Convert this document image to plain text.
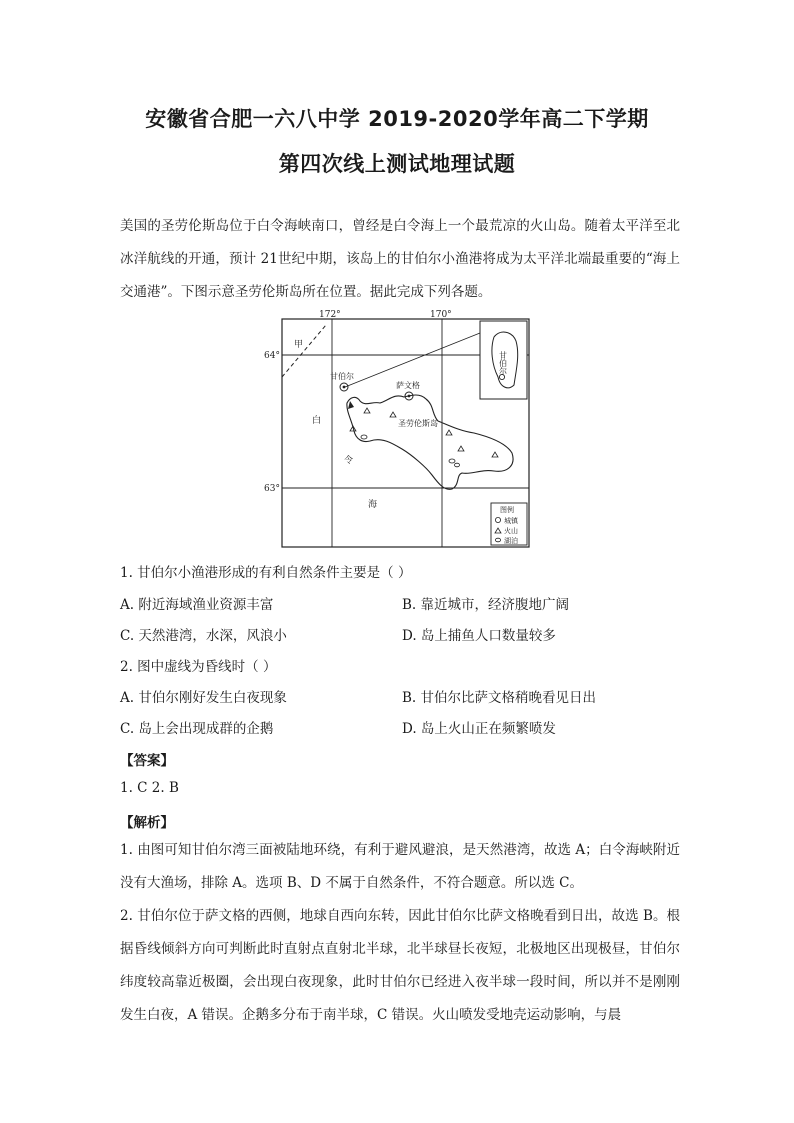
安徽省合肥一六八中学 2019-2020学年高二下学期
第四次线上测试地理试题
美国的圣劳伦斯岛位于白令海峡南口，曾经是白令海上一个最荒凉的火山岛。随着太平洋至北冰洋航线的开通，预计 21世纪中期，该岛上的甘伯尔小渔港将成为太平洋北端最重要的“海上交通港”。下图示意圣劳伦斯岛所在位置。据此完成下列各题。
甘伯尔
图例
城镇
火山
湖泊
172°	170°
64°
63°
甲
白
令
海
甘伯尔
萨文格
圣劳伦斯岛
1. 甘伯尔小渔港形成的有利自然条件主要是（ ）
A. 附近海域渔业资源丰富	B. 靠近城市，经济腹地广阔
C. 天然港湾，水深，风浪小	D. 岛上捕鱼人口数量较多
2. 图中虚线为昏线时（ ）
A. 甘伯尔刚好发生白夜现象	B. 甘伯尔比萨文格稍晚看见日出
C. 岛上会出现成群的企鹅	D. 岛上火山正在频繁喷发
【答案】
1. C 2. B
【解析】
1. 由图可知甘伯尔湾三面被陆地环绕，有利于避风避浪，是天然港湾，故选 A；白令海峡附近没有大渔场，排除 A。选项 B、D 不属于自然条件，不符合题意。所以选 C。
2. 甘伯尔位于萨文格的西侧，地球自西向东转，因此甘伯尔比萨文格晚看到日出，故选 B。根据昏线倾斜方向可判断此时直射点直射北半球，北半球昼长夜短，北极地区出现极昼，甘伯尔纬度较高靠近极圈，会出现白夜现象，此时甘伯尔已经进入夜半球一段时间，所以并不是刚刚发生白夜，A 错误。企鹅多分布于南半球，C 错误。火山喷发受地壳运动影响，与晨
